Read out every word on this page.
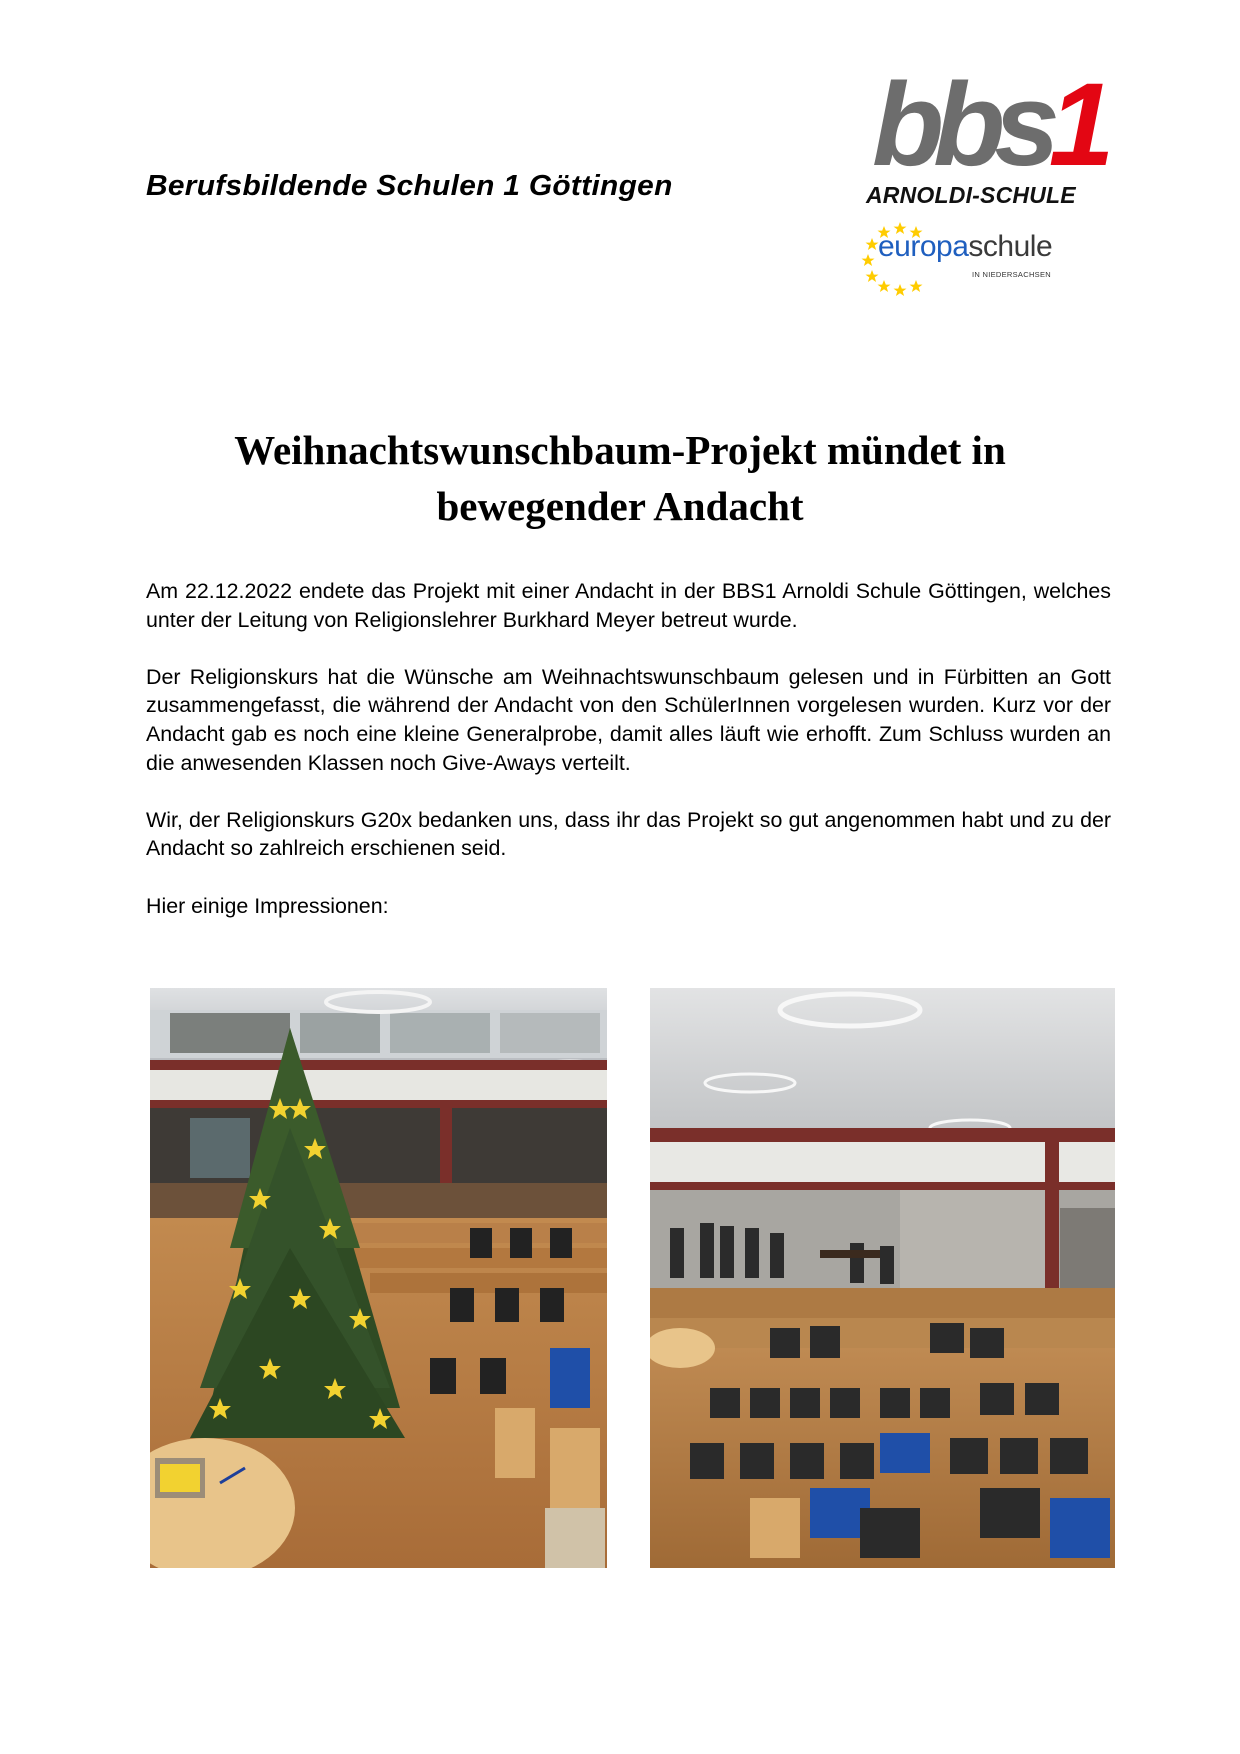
Berufsbildende Schulen 1 Göttingen bbs1
ARNOLDI-SCHULE
europaschule
IN NIEDERSACHSEN
Weihnachtswunschbaum-Projekt mündet in
bewegender Andacht

Am 22.12.2022 endete das Projekt mit einer Andacht in der BBS1 Arnoldi Schule Göttingen, welches unter der Leitung von Religionslehrer Burkhard Meyer betreut wurde.

Der Religionskurs hat die Wünsche am Weihnachtswunschbaum gelesen und in Fürbitten an Gott zusammengefasst, die während der Andacht von den SchülerInnen vorgelesen wurden. Kurz vor der Andacht gab es noch eine kleine Generalprobe, damit alles läuft wie erhofft. Zum Schluss wurden an die anwesenden Klassen noch Give-Aways verteilt.

Wir, der Religionskurs G20x bedanken uns, dass ihr das Projekt so gut angenommen habt und zu der Andacht so zahlreich erschienen seid.

Hier einige Impressionen:
